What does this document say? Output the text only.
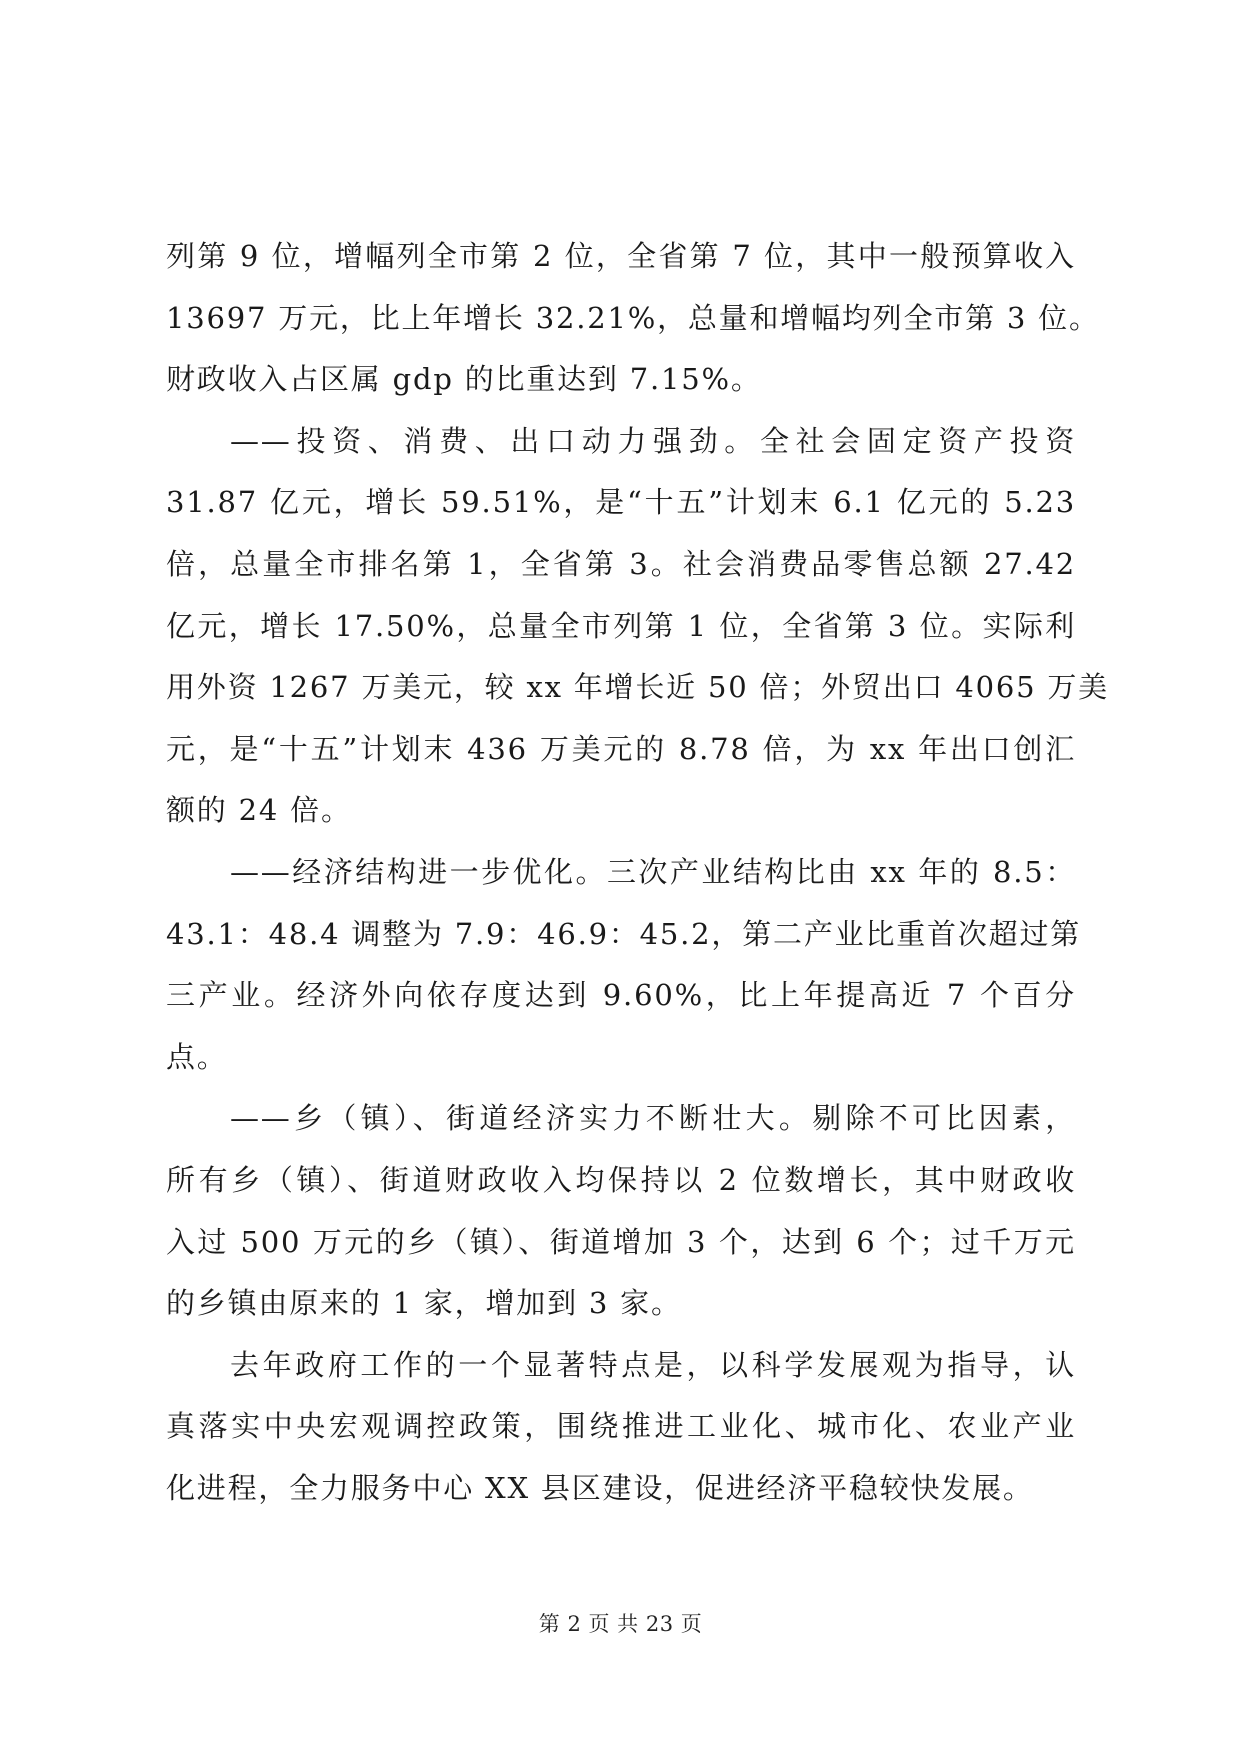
列第 9 位，增幅列全市第 2 位，全省第 7 位，其中一般预算收入
13697 万元，比上年增长 32.21%，总量和增幅均列全市第 3 位。
财政收入占区属 gdp 的比重达到 7.15%。
——投资、消费、出口动力强劲。全社会固定资产投资
31.87 亿元，增长 59.51%，是“十五”计划末 6.1 亿元的 5.23
倍，总量全市排名第 1，全省第 3。社会消费品零售总额 27.42
亿元，增长 17.50%，总量全市列第 1 位，全省第 3 位。实际利
用外资 1267 万美元，较 xx 年增长近 50 倍；外贸出口 4065 万美
元，是“十五”计划末 436 万美元的 8.78 倍，为 xx 年出口创汇
额的 24 倍。
——经济结构进一步优化。三次产业结构比由 xx 年的 8.5：
43.1：48.4 调整为 7.9：46.9：45.2，第二产业比重首次超过第
三产业。经济外向依存度达到 9.60%，比上年提高近 7 个百分
点。
——乡（镇）、街道经济实力不断壮大。剔除不可比因素，
所有乡（镇）、街道财政收入均保持以 2 位数增长，其中财政收
入过 500 万元的乡（镇）、街道增加 3 个，达到 6 个；过千万元
的乡镇由原来的 1 家，增加到 3 家。
去年政府工作的一个显著特点是，以科学发展观为指导，认
真落实中央宏观调控政策，围绕推进工业化、城市化、农业产业
化进程，全力服务中心 XX 县区建设，促进经济平稳较快发展。
第 2 页 共 23 页
